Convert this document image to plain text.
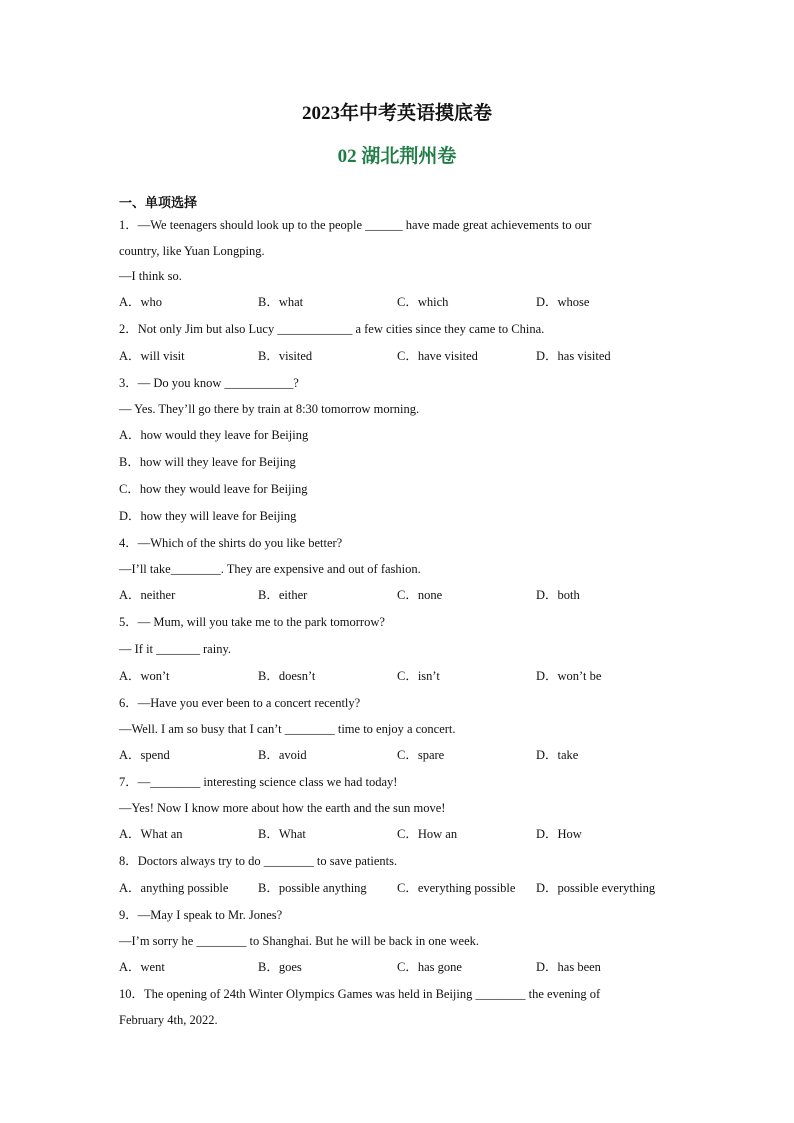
2023年中考英语摸底卷
02 湖北荆州卷
一、单项选择
1．—We teenagers should look up to the people ______ have made great achievements to our
country, like Yuan Longping.
—I think so.
A．who	B．what	C．which	D．whose
2．Not only Jim but also Lucy ____________ a few cities since they came to China.
A．will visit	B．visited	C．have visited	D．has visited
3．— Do you know ___________?
— Yes. They’ll go there by train at 8:30 tomorrow morning.
A．how would they leave for Beijing
B．how will they leave for Beijing
C．how they would leave for Beijing
D．how they will leave for Beijing
4．—Which of the shirts do you like better?
—I’ll take________. They are expensive and out of fashion.
A．neither	B．either	C．none	D．both
5．— Mum, will you take me to the park tomorrow?
— If it _______ rainy.
A．won’t	B．doesn’t	C．isn’t	D．won’t be
6．—Have you ever been to a concert recently?
—Well. I am so busy that I can’t ________ time to enjoy a concert.
A．spend	B．avoid	C．spare	D．take
7．—________ interesting science class we had today!
—Yes! Now I know more about how the earth and the sun move!
A．What an	B．What	C．How an	D．How
8．Doctors always try to do ________ to save patients.
A．anything possible B．possible anything C．everything possible D．possible everything
9．—May I speak to Mr. Jones?
—I’m sorry he ________ to Shanghai. But he will be back in one week.
A．went	B．goes	C．has gone	D．has been
10．The opening of 24th Winter Olympics Games was held in Beijing ________ the evening of
February 4th, 2022.
